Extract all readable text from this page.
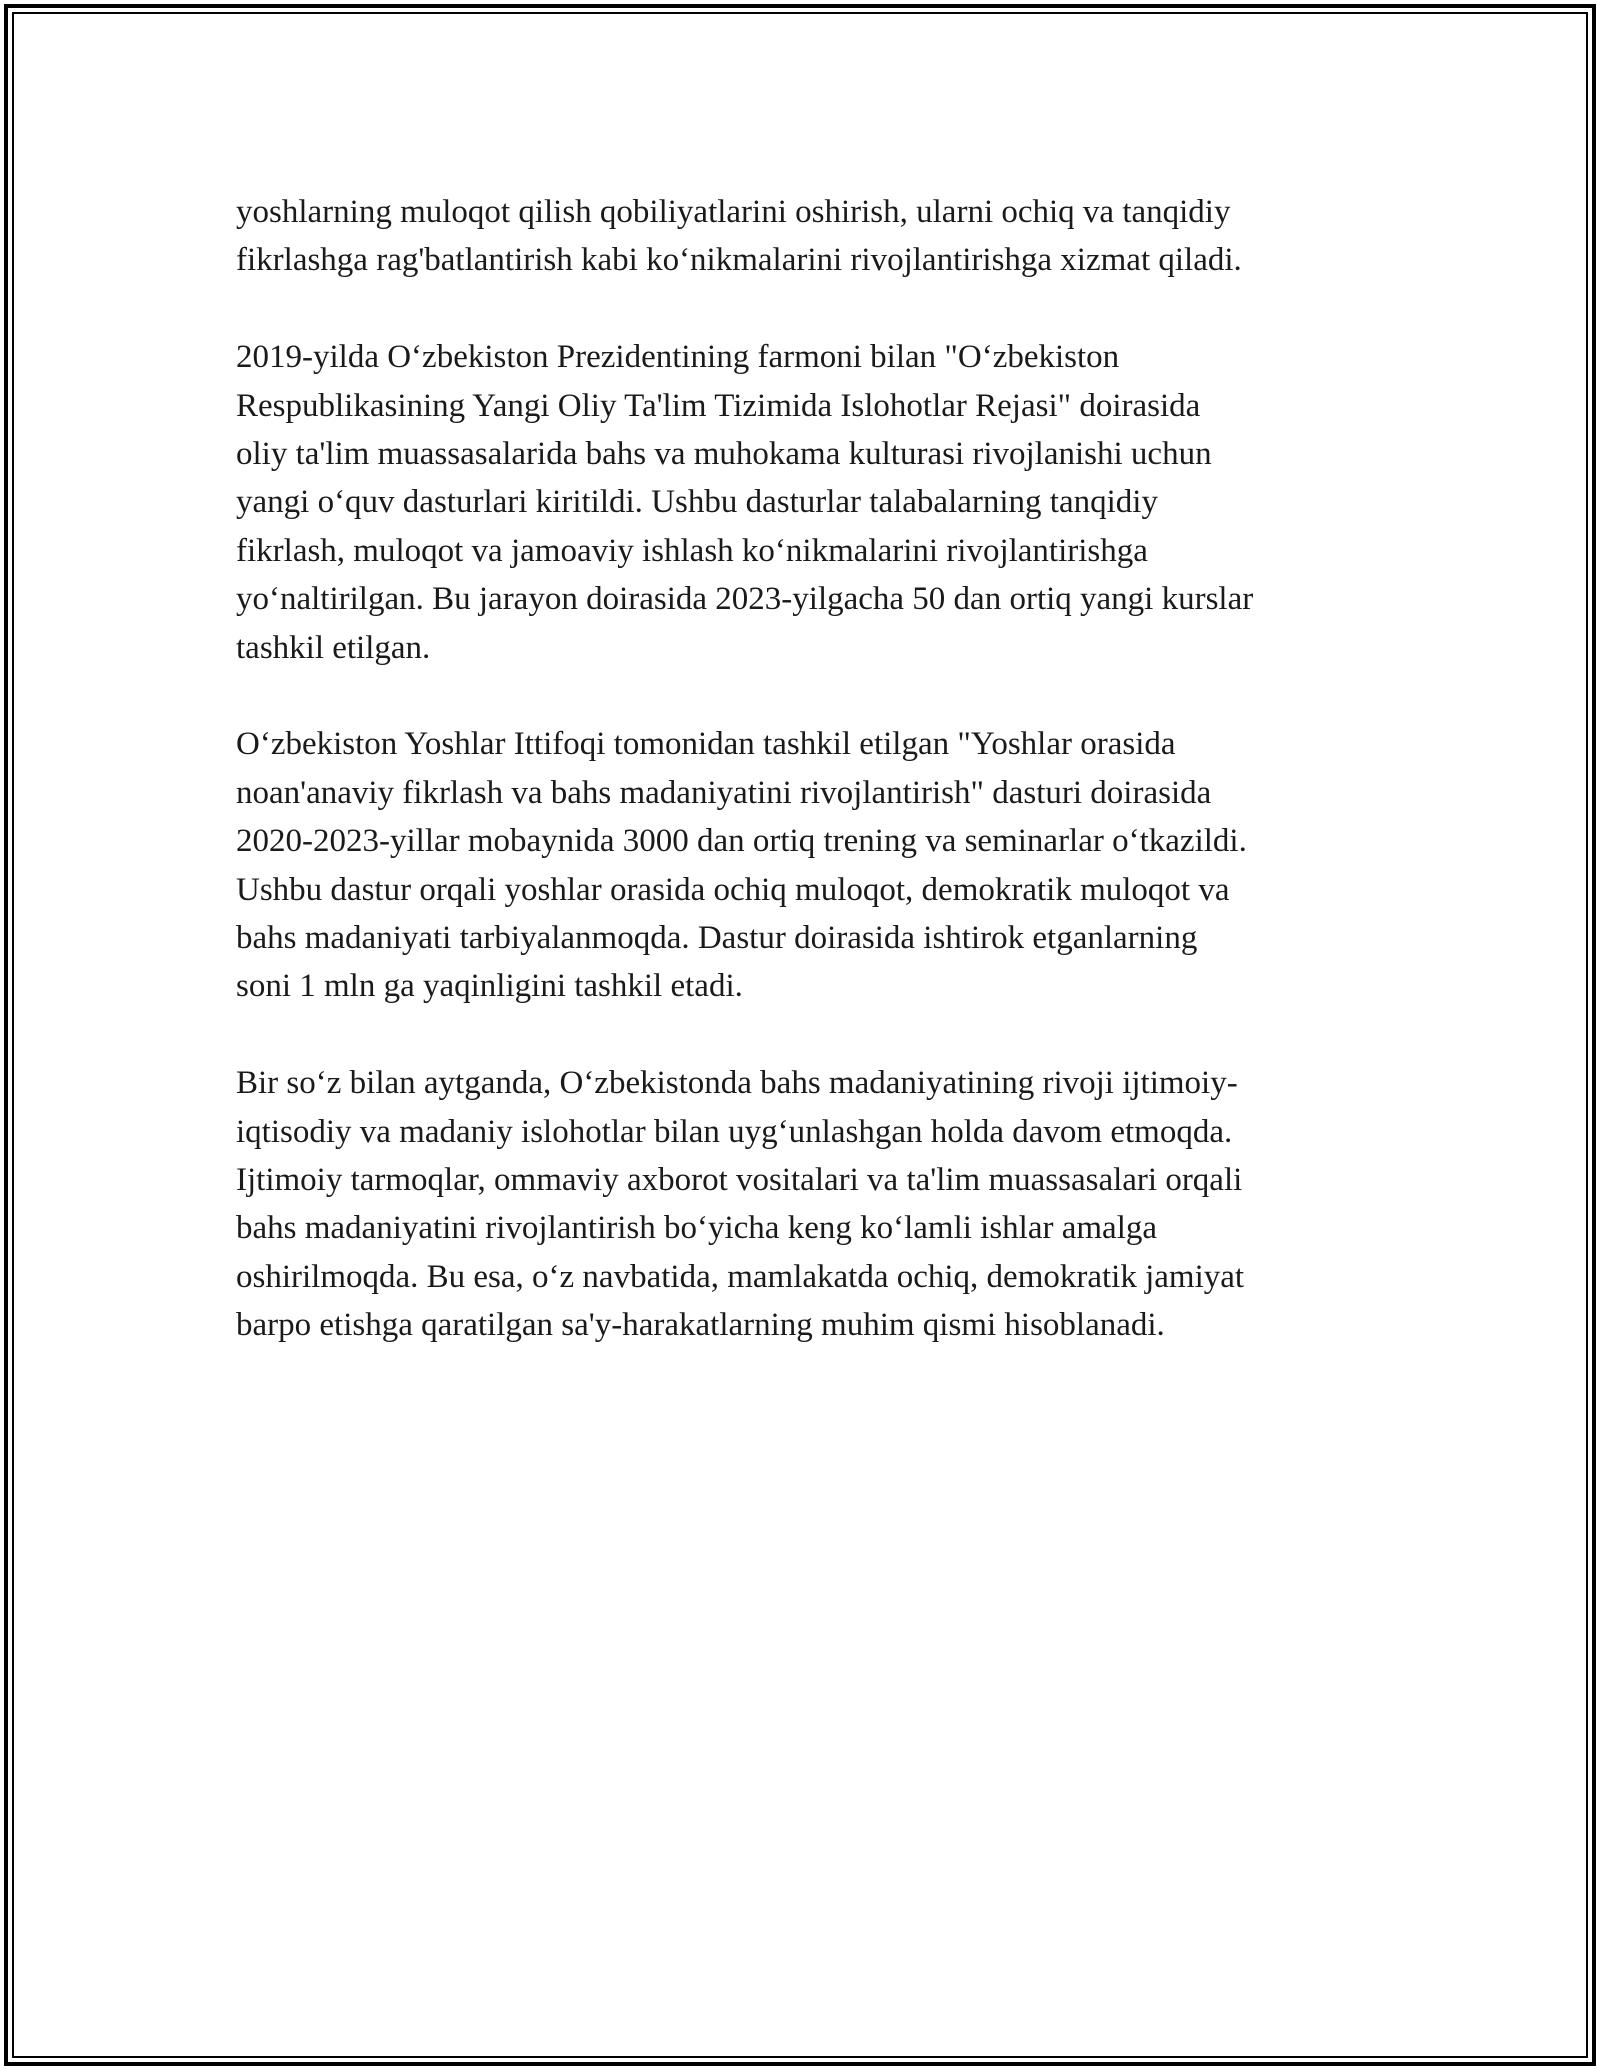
yoshlarning muloqot qilish qobiliyatlarini oshirish, ularni ochiq va tanqidiy
fikrlashga rag'batlantirish kabi ko‘nikmalarini rivojlantirishga xizmat qiladi.

2019-yilda O‘zbekiston Prezidentining farmoni bilan "O‘zbekiston
Respublikasining Yangi Oliy Ta'lim Tizimida Islohotlar Rejasi" doirasida
oliy ta'lim muassasalarida bahs va muhokama kulturasi rivojlanishi uchun
yangi o‘quv dasturlari kiritildi. Ushbu dasturlar talabalarning tanqidiy
fikrlash, muloqot va jamoaviy ishlash ko‘nikmalarini rivojlantirishga
yo‘naltirilgan. Bu jarayon doirasida 2023-yilgacha 50 dan ortiq yangi kurslar
tashkil etilgan.

O‘zbekiston Yoshlar Ittifoqi tomonidan tashkil etilgan "Yoshlar orasida
noan'anaviy fikrlash va bahs madaniyatini rivojlantirish" dasturi doirasida
2020-2023-yillar mobaynida 3000 dan ortiq trening va seminarlar o‘tkazildi.
Ushbu dastur orqali yoshlar orasida ochiq muloqot, demokratik muloqot va
bahs madaniyati tarbiyalanmoqda. Dastur doirasida ishtirok etganlarning
soni 1 mln ga yaqinligini tashkil etadi.

Bir so‘z bilan aytganda, O‘zbekistonda bahs madaniyatining rivoji ijtimoiy-
iqtisodiy va madaniy islohotlar bilan uyg‘unlashgan holda davom etmoqda.
Ijtimoiy tarmoqlar, ommaviy axborot vositalari va ta'lim muassasalari orqali
bahs madaniyatini rivojlantirish bo‘yicha keng ko‘lamli ishlar amalga
oshirilmoqda. Bu esa, o‘z navbatida, mamlakatda ochiq, demokratik jamiyat
barpo etishga qaratilgan sa'y-harakatlarning muhim qismi hisoblanadi.
